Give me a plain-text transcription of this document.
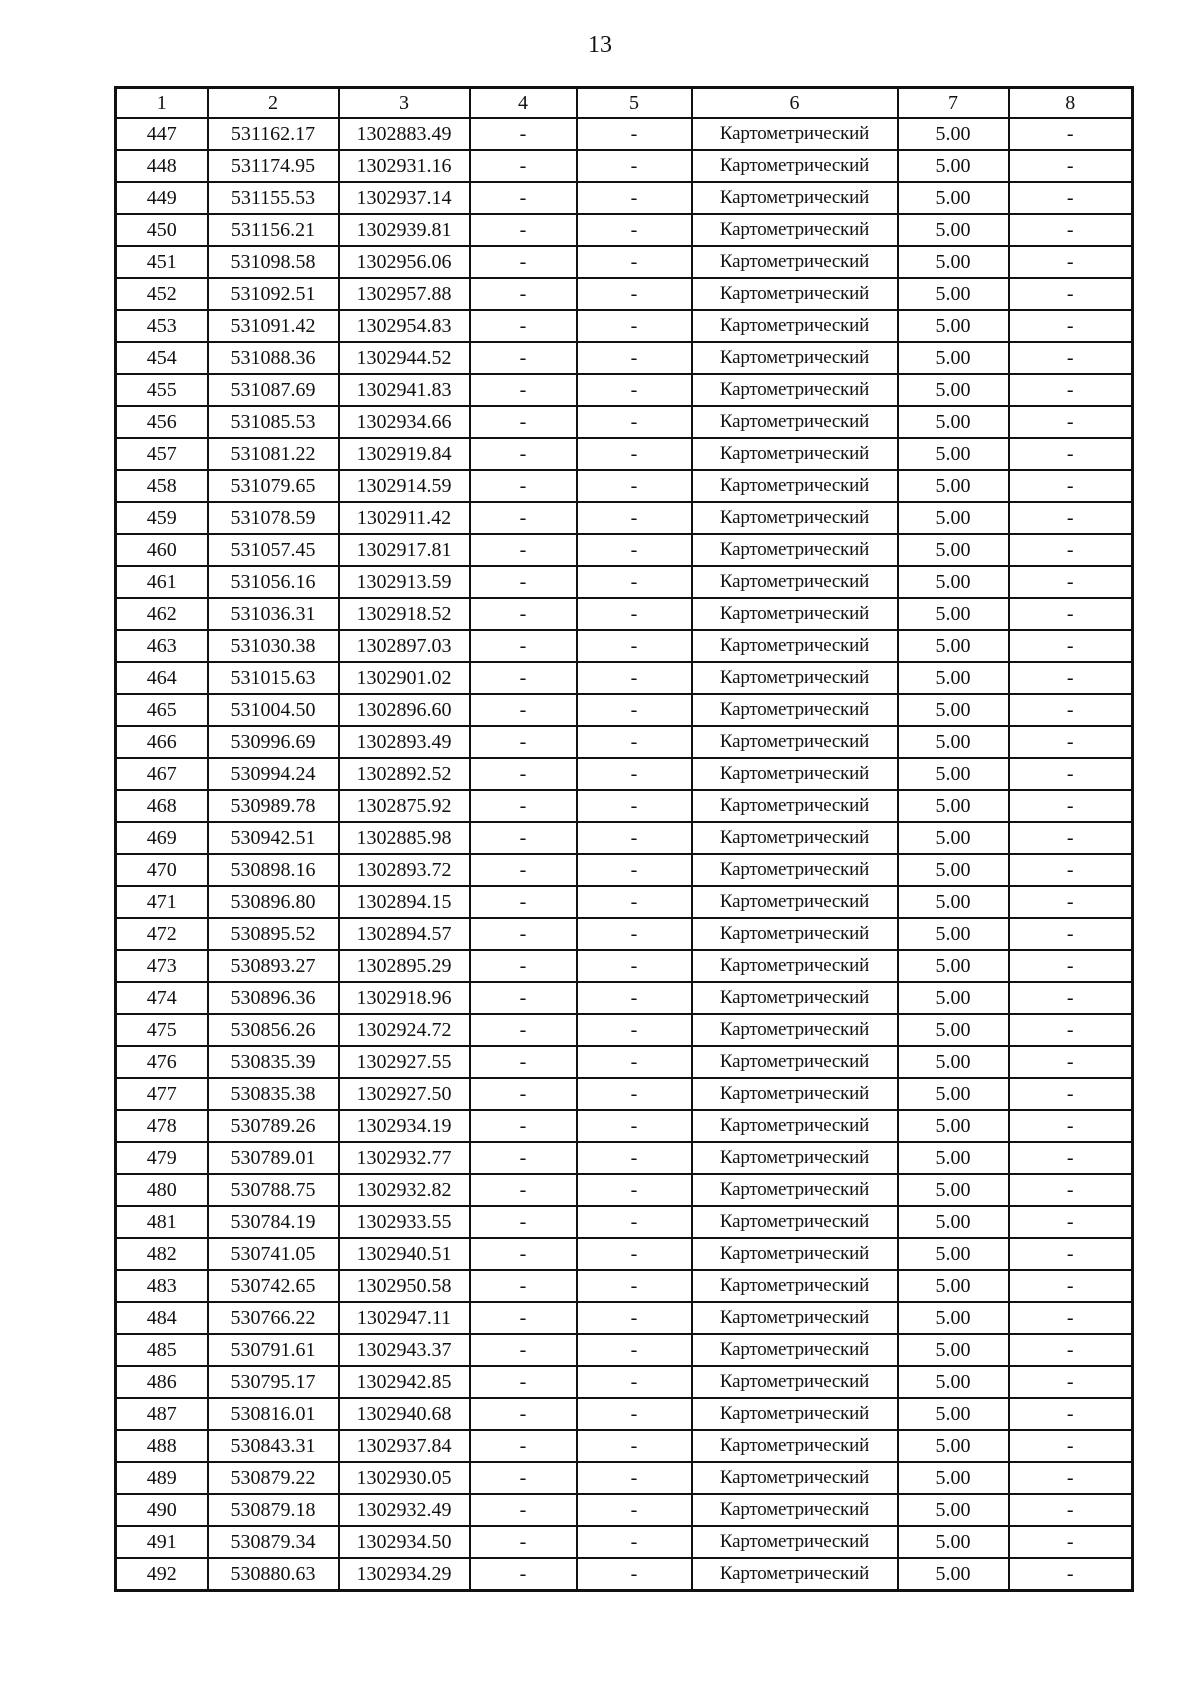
13
1	2	3	4	5	6	7	8
447	531162.17	1302883.49	-	-	Картометрический	5.00	-
448	531174.95	1302931.16	-	-	Картометрический	5.00	-
449	531155.53	1302937.14	-	-	Картометрический	5.00	-
450	531156.21	1302939.81	-	-	Картометрический	5.00	-
451	531098.58	1302956.06	-	-	Картометрический	5.00	-
452	531092.51	1302957.88	-	-	Картометрический	5.00	-
453	531091.42	1302954.83	-	-	Картометрический	5.00	-
454	531088.36	1302944.52	-	-	Картометрический	5.00	-
455	531087.69	1302941.83	-	-	Картометрический	5.00	-
456	531085.53	1302934.66	-	-	Картометрический	5.00	-
457	531081.22	1302919.84	-	-	Картометрический	5.00	-
458	531079.65	1302914.59	-	-	Картометрический	5.00	-
459	531078.59	1302911.42	-	-	Картометрический	5.00	-
460	531057.45	1302917.81	-	-	Картометрический	5.00	-
461	531056.16	1302913.59	-	-	Картометрический	5.00	-
462	531036.31	1302918.52	-	-	Картометрический	5.00	-
463	531030.38	1302897.03	-	-	Картометрический	5.00	-
464	531015.63	1302901.02	-	-	Картометрический	5.00	-
465	531004.50	1302896.60	-	-	Картометрический	5.00	-
466	530996.69	1302893.49	-	-	Картометрический	5.00	-
467	530994.24	1302892.52	-	-	Картометрический	5.00	-
468	530989.78	1302875.92	-	-	Картометрический	5.00	-
469	530942.51	1302885.98	-	-	Картометрический	5.00	-
470	530898.16	1302893.72	-	-	Картометрический	5.00	-
471	530896.80	1302894.15	-	-	Картометрический	5.00	-
472	530895.52	1302894.57	-	-	Картометрический	5.00	-
473	530893.27	1302895.29	-	-	Картометрический	5.00	-
474	530896.36	1302918.96	-	-	Картометрический	5.00	-
475	530856.26	1302924.72	-	-	Картометрический	5.00	-
476	530835.39	1302927.55	-	-	Картометрический	5.00	-
477	530835.38	1302927.50	-	-	Картометрический	5.00	-
478	530789.26	1302934.19	-	-	Картометрический	5.00	-
479	530789.01	1302932.77	-	-	Картометрический	5.00	-
480	530788.75	1302932.82	-	-	Картометрический	5.00	-
481	530784.19	1302933.55	-	-	Картометрический	5.00	-
482	530741.05	1302940.51	-	-	Картометрический	5.00	-
483	530742.65	1302950.58	-	-	Картометрический	5.00	-
484	530766.22	1302947.11	-	-	Картометрический	5.00	-
485	530791.61	1302943.37	-	-	Картометрический	5.00	-
486	530795.17	1302942.85	-	-	Картометрический	5.00	-
487	530816.01	1302940.68	-	-	Картометрический	5.00	-
488	530843.31	1302937.84	-	-	Картометрический	5.00	-
489	530879.22	1302930.05	-	-	Картометрический	5.00	-
490	530879.18	1302932.49	-	-	Картометрический	5.00	-
491	530879.34	1302934.50	-	-	Картометрический	5.00	-
492	530880.63	1302934.29	-	-	Картометрический	5.00	-
